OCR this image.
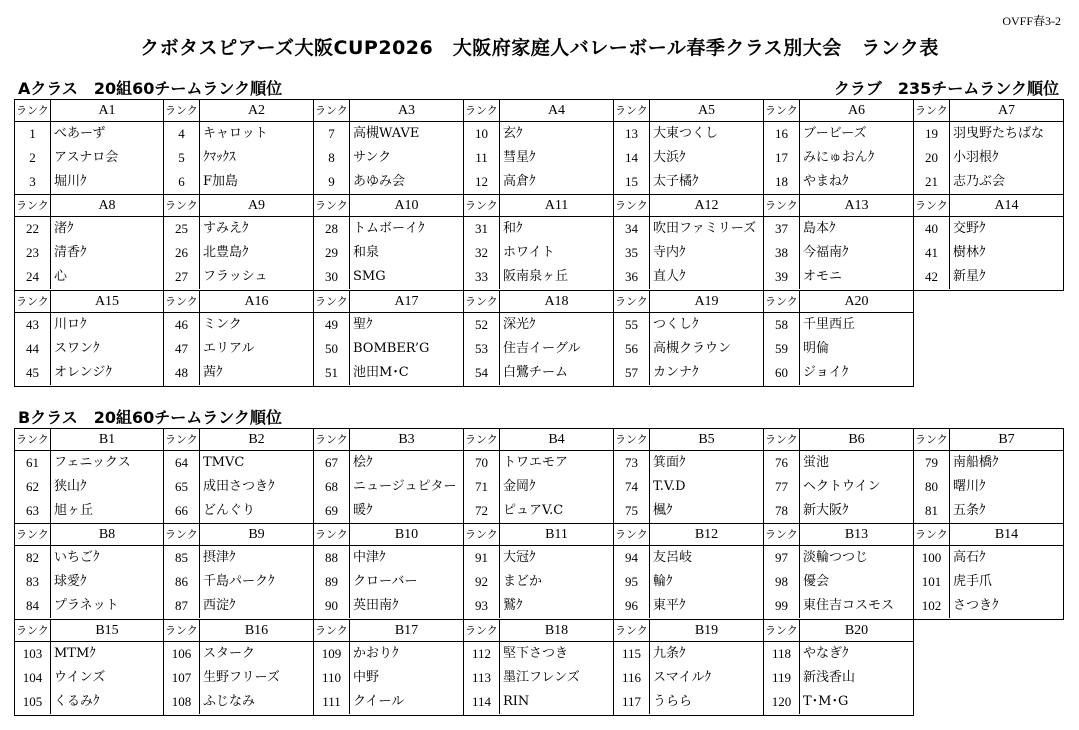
OVFF春3-2
クボタスピアーズ大阪CUP2026　大阪府家庭人バレーボール春季クラス別大会　ランク表
Aクラス　20組60チームランク順位	クラブ　235チームランク順位
ランク	A1
1	べあーず
2	アスナロ会
3	堀川ｸ
ランク	A2
4	キャロット
5	ｸﾏｯｸｽ
6	F加島
ランク	A3
7	高槻WAVE
8	サンク
9	あゆみ会
ランク	A4
10	玄ｸ
11	彗星ｸ
12	高倉ｸ
ランク	A5
13	大東つくし
14	大浜ｸ
15	太子橘ｸ
ランク	A6
16	ブービーズ
17	みにゅおんｸ
18	やまねｸ
ランク	A7
19	羽曳野たちばな
20	小羽根ｸ
21	志乃ぶ会
ランク	A8
22	渚ｸ
23	清香ｸ
24	心
ランク	A9
25	すみえｸ
26	北豊島ｸ
27	フラッシュ
ランク	A10
28	トムボーイｸ
29	和泉
30	SMG
ランク	A11
31	和ｸ
32	ホワイト
33	阪南泉ヶ丘
ランク	A12
34	吹田ファミリーズ
35	寺内ｸ
36	直人ｸ
ランク	A13
37	島本ｸ
38	今福南ｸ
39	オモニ
ランク	A14
40	交野ｸ
41	樹林ｸ
42	新星ｸ
ランク	A15
43	川ロｸ
44	スワンｸ
45	オレンジｸ
ランク	A16
46	ミンク
47	エリアル
48	茜ｸ
ランク	A17
49	聖ｸ
50	BOMBER’G
51	池田M･C
ランク	A18
52	深光ｸ
53	住吉イーグル
54	白鷺チーム
ランク	A19
55	つくしｸ
56	高槻クラウン
57	カンナｸ
ランク	A20
58	千里西丘
59	明倫
60	ジョイｸ
Bクラス　20組60チームランク順位
ランク	B1
61	フェニックス
62	狭山ｸ
63	旭ヶ丘
ランク	B2
64	TMVC
65	成田さつきｸ
66	どんぐり
ランク	B3
67	桧ｸ
68	ニュージュピター
69	暖ｸ
ランク	B4
70	トワエモア
71	金岡ｸ
72	ピュアV.C
ランク	B5
73	箕面ｸ
74	T.V.D
75	楓ｸ
ランク	B6
76	蛍池
77	ヘクトウイン
78	新大阪ｸ
ランク	B7
79	南船橋ｸ
80	曙川ｸ
81	五条ｸ
ランク	B8
82	いちごｸ
83	球愛ｸ
84	プラネット
ランク	B9
85	摂津ｸ
86	千島パークｸ
87	西淀ｸ
ランク	B10
88	中津ｸ
89	クローバー
90	英田南ｸ
ランク	B11
91	大冠ｸ
92	まどか
93	鷲ｸ
ランク	B12
94	友呂岐
95	輪ｸ
96	東平ｸ
ランク	B13
97	淡輪つつじ
98	優会
99	東住吉コスモス
ランク	B14
100 高石ｸ
101 虎手爪
102 さつきｸ
ランク	B15
103 MTMｸ
104 ウインズ
105 くるみｸ
ランク	B16
106 スターク
107 生野フリーズ
108 ふじなみ
ランク	B17
109 かおりｸ
110 中野
111 クイール
ランク	B18
112 堅下さつき
113 墨江フレンズ
114 RIN
ランク	B19
115 九条ｸ
116 スマイルｸ
117 うらら
ランク	B20
118 やなぎｸ
119 新浅香山
120 T･M･G
